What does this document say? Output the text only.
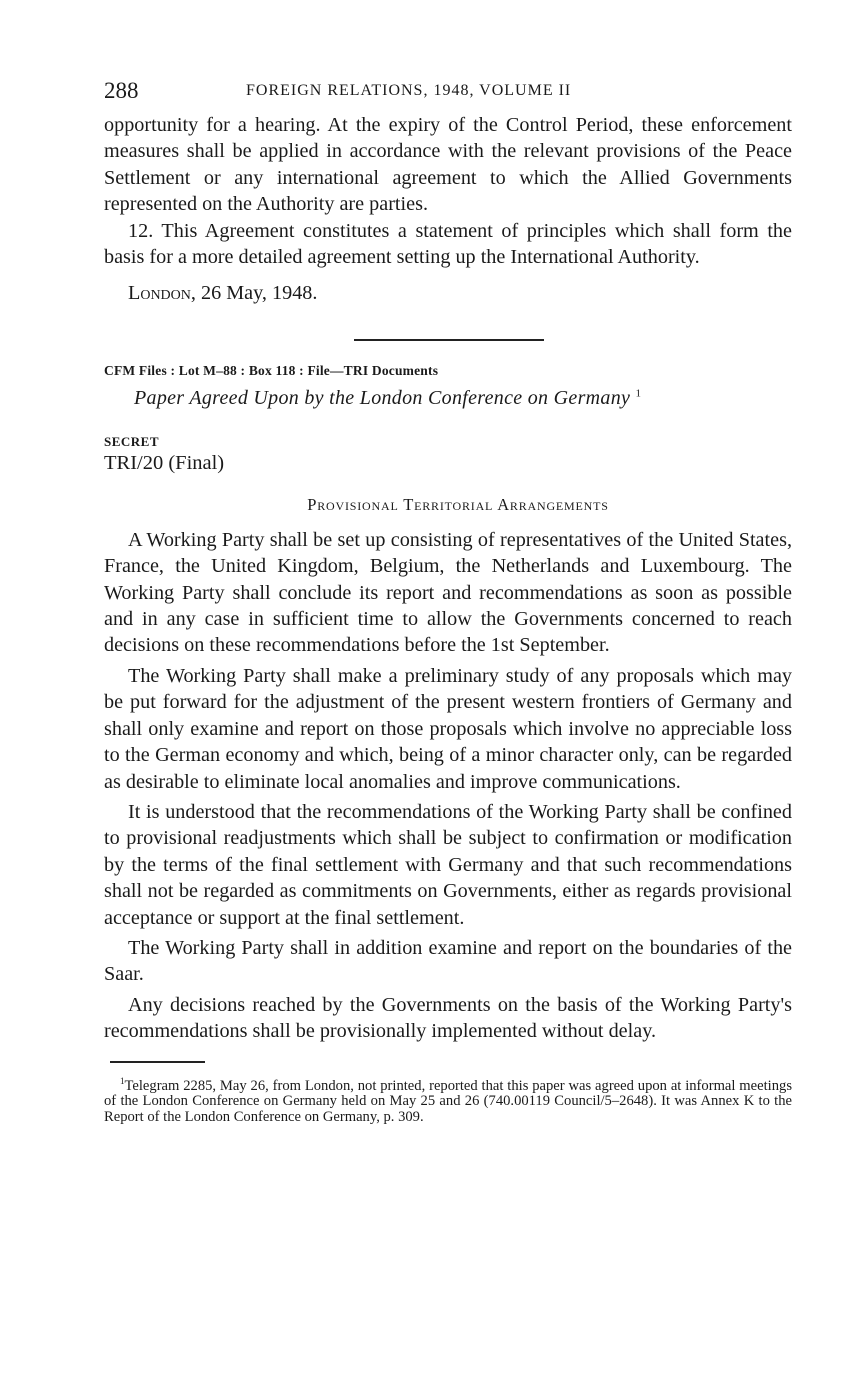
288	FOREIGN RELATIONS, 1948, VOLUME II

opportunity for a hearing. At the expiry of the Control Period, these enforcement measures shall be applied in accordance with the relevant provisions of the Peace Settlement or any international agreement to which the Allied Governments represented on the Authority are parties.

12. This Agreement constitutes a statement of principles which shall form the basis for a more detailed agreement setting up the International Authority.

London, 26 May, 1948.
CFM Files : Lot M–88 : Box 118 : File—TRI Documents
Paper Agreed Upon by the London Conference on Germany $^1$
SECRET
TRI/20 (Final)
Provisional Territorial Arrangements

A Working Party shall be set up consisting of representatives of the United States, France, the United Kingdom, Belgium, the Netherlands and Luxembourg. The Working Party shall conclude its report and recommendations as soon as possible and in any case in sufficient time to allow the Governments concerned to reach decisions on these recommendations before the 1st September.

The Working Party shall make a preliminary study of any proposals which may be put forward for the adjustment of the present western frontiers of Germany and shall only examine and report on those proposals which involve no appreciable loss to the German economy and which, being of a minor character only, can be regarded as desirable to eliminate local anomalies and improve communications.

It is understood that the recommendations of the Working Party shall be confined to provisional readjustments which shall be subject to confirmation or modification by the terms of the final settlement with Germany and that such recommendations shall not be regarded as commitments on Governments, either as regards provisional acceptance or support at the final settlement.

The Working Party shall in addition examine and report on the boundaries of the Saar.

Any decisions reached by the Governments on the basis of the Working Party's recommendations shall be provisionally implemented without delay.

$^1$Telegram 2285, May 26, from London, not printed, reported that this paper was agreed upon at informal meetings of the London Conference on Germany held on May 25 and 26 (740.00119 Council/5–2648). It was Annex K to the Report of the London Conference on Germany, p. 309.
